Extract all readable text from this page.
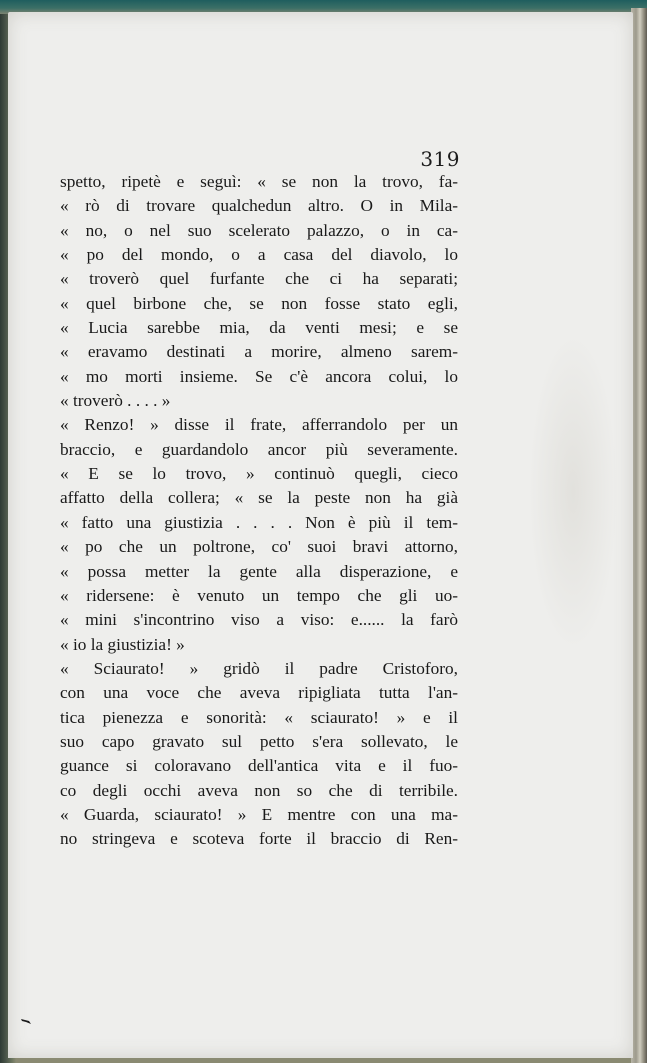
319
spetto, ripetè e seguì: « se non la trovo, fa-
« rò di trovare qualchedun altro. O in Mila-
« no, o nel suo scelerato palazzo, o in ca-
« po del mondo, o a casa del diavolo, lo
« troverò quel furfante che ci ha separati;
« quel birbone che, se non fosse stato egli,
« Lucia sarebbe mia, da venti mesi; e se
« eravamo destinati a morire, almeno sarem-
« mo morti insieme. Se c'è ancora colui, lo
« troverò . . . . »
« Renzo! » disse il frate, afferrandolo per un
braccio, e guardandolo ancor più severamente.
« E se lo trovo, » continuò quegli, cieco
affatto della collera; « se la peste non ha già
« fatto una giustizia . . . . Non è più il tem-
« po che un poltrone, co' suoi bravi attorno,
« possa metter la gente alla disperazione, e
« ridersene: è venuto un tempo che gli uo-
« mini s'incontrino viso a viso: e...... la farò
« io la giustizia! »
« Sciaurato! » gridò il padre Cristoforo,
con una voce che aveva ripigliata tutta l'an-
tica pienezza e sonorità: « sciaurato! » e il
suo capo gravato sul petto s'era sollevato, le
guance si coloravano dell'antica vita e il fuo-
co degli occhi aveva non so che di terribile.
« Guarda, sciaurato! » E mentre con una ma-
no stringeva e scoteva forte il braccio di Ren-
